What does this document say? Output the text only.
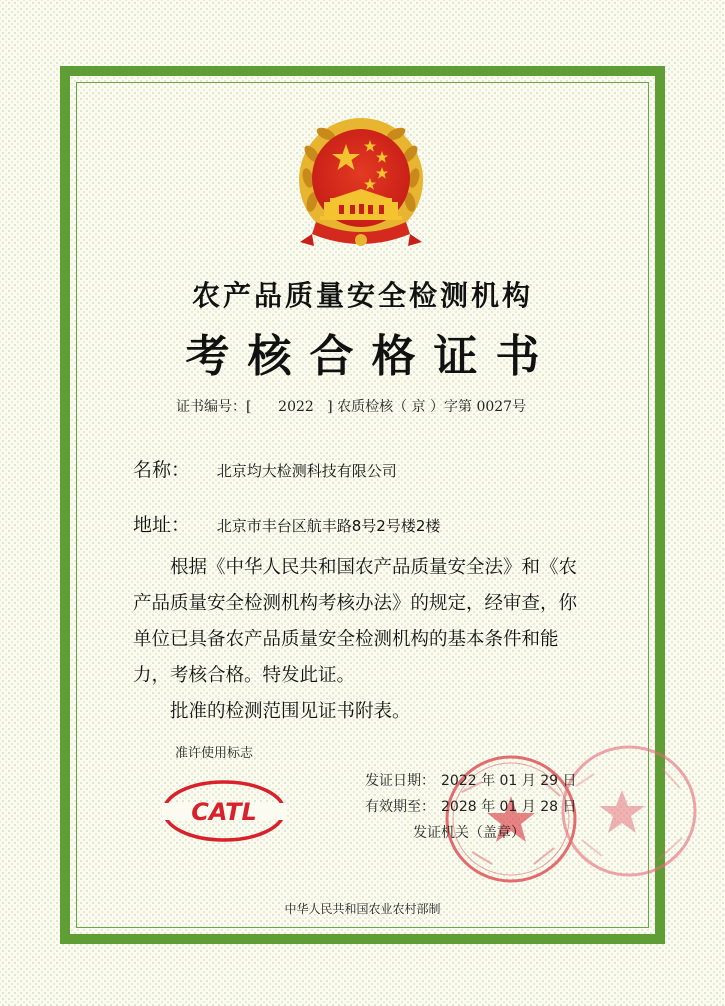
农产品质量安全检测机构
考核合格证书
证书编号：[ 2022 ] 农质检核（ 京 ）字第 0027号
名称： 北京均大检测科技有限公司
地址： 北京市丰台区航丰路8号2号楼2楼

根据《中华人民共和国农产品质量安全法》和《农产品质量安全检测机构考核办法》的规定，经审查，你单位已具备农产品质量安全检测机构的基本条件和能力，考核合格。特发此证。

批准的检测范围见证书附表。

准许使用标志
CATL
发证日期： 2022 年 01 月 29 日
有效期至： 2028 年 01 月 28 日
发证机关（盖章）
中华人民共和国农业农村部制
